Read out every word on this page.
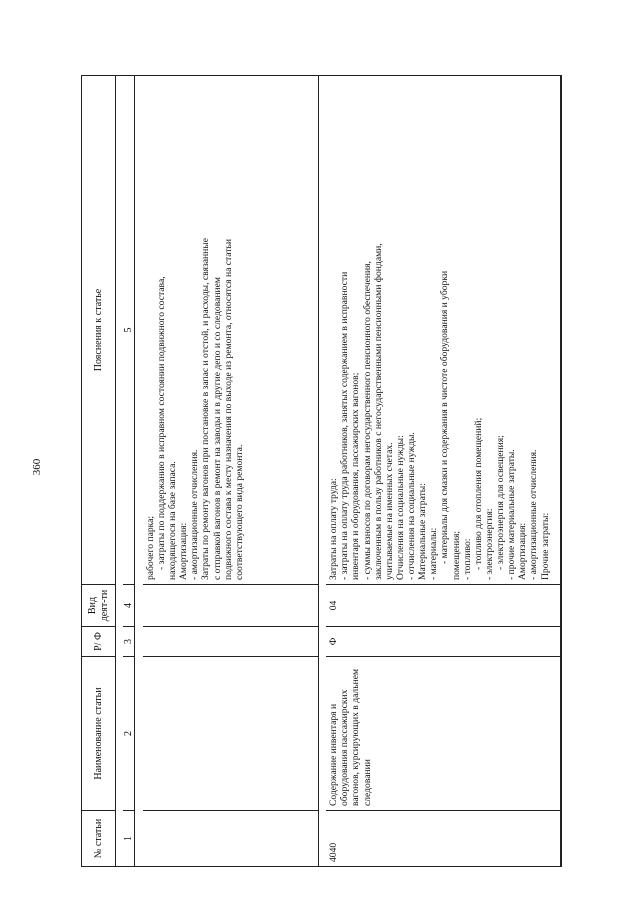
360
№ статьи
Наименование статьи
Р/ Ф
Вид деят-ти
Пояснения к статье
1
2
3
4
5
рабочего парка; - затраты по поддержанию в исправном состоянии подвижного состава, находящегося на базе запаса. Амортизация: - амортизационные отчисления. Затраты по ремонту вагонов при постановке в запас и отстой, и расходы, связанные с отправкой вагонов в ремонт на заводы и в другие депо и со следованием подвижного состава к месту назначения по выходе из ремонта, относятся на статьи соответствующего вида ремонта.
4040
Содержание инвентаря и оборудования пассажирских вагонов, курсирующих в дальнем следовании
Ф
04
Затраты на оплату труда: - затраты на оплату труда работников, занятых содержанием в исправности инвентаря и оборудования, пассажирских вагонов; - суммы взносов по договорам негосударственного пенсионного обеспечения, заключенным в пользу работников с негосударственными пенсионными фондами, учитываемые на именных счетах. Отчисления на социальные нужды: - отчисления на социальные нужды. Материальные затраты: - материалы: - материалы для смазки и содержания в чистоте оборудования и уборки помещения; - топливо: - топливо для отопления помещений; - электроэнергия: - электроэнергия для освещения; - прочие материальные затраты. Амортизация: - амортизационные отчисления. Прочие затраты:
